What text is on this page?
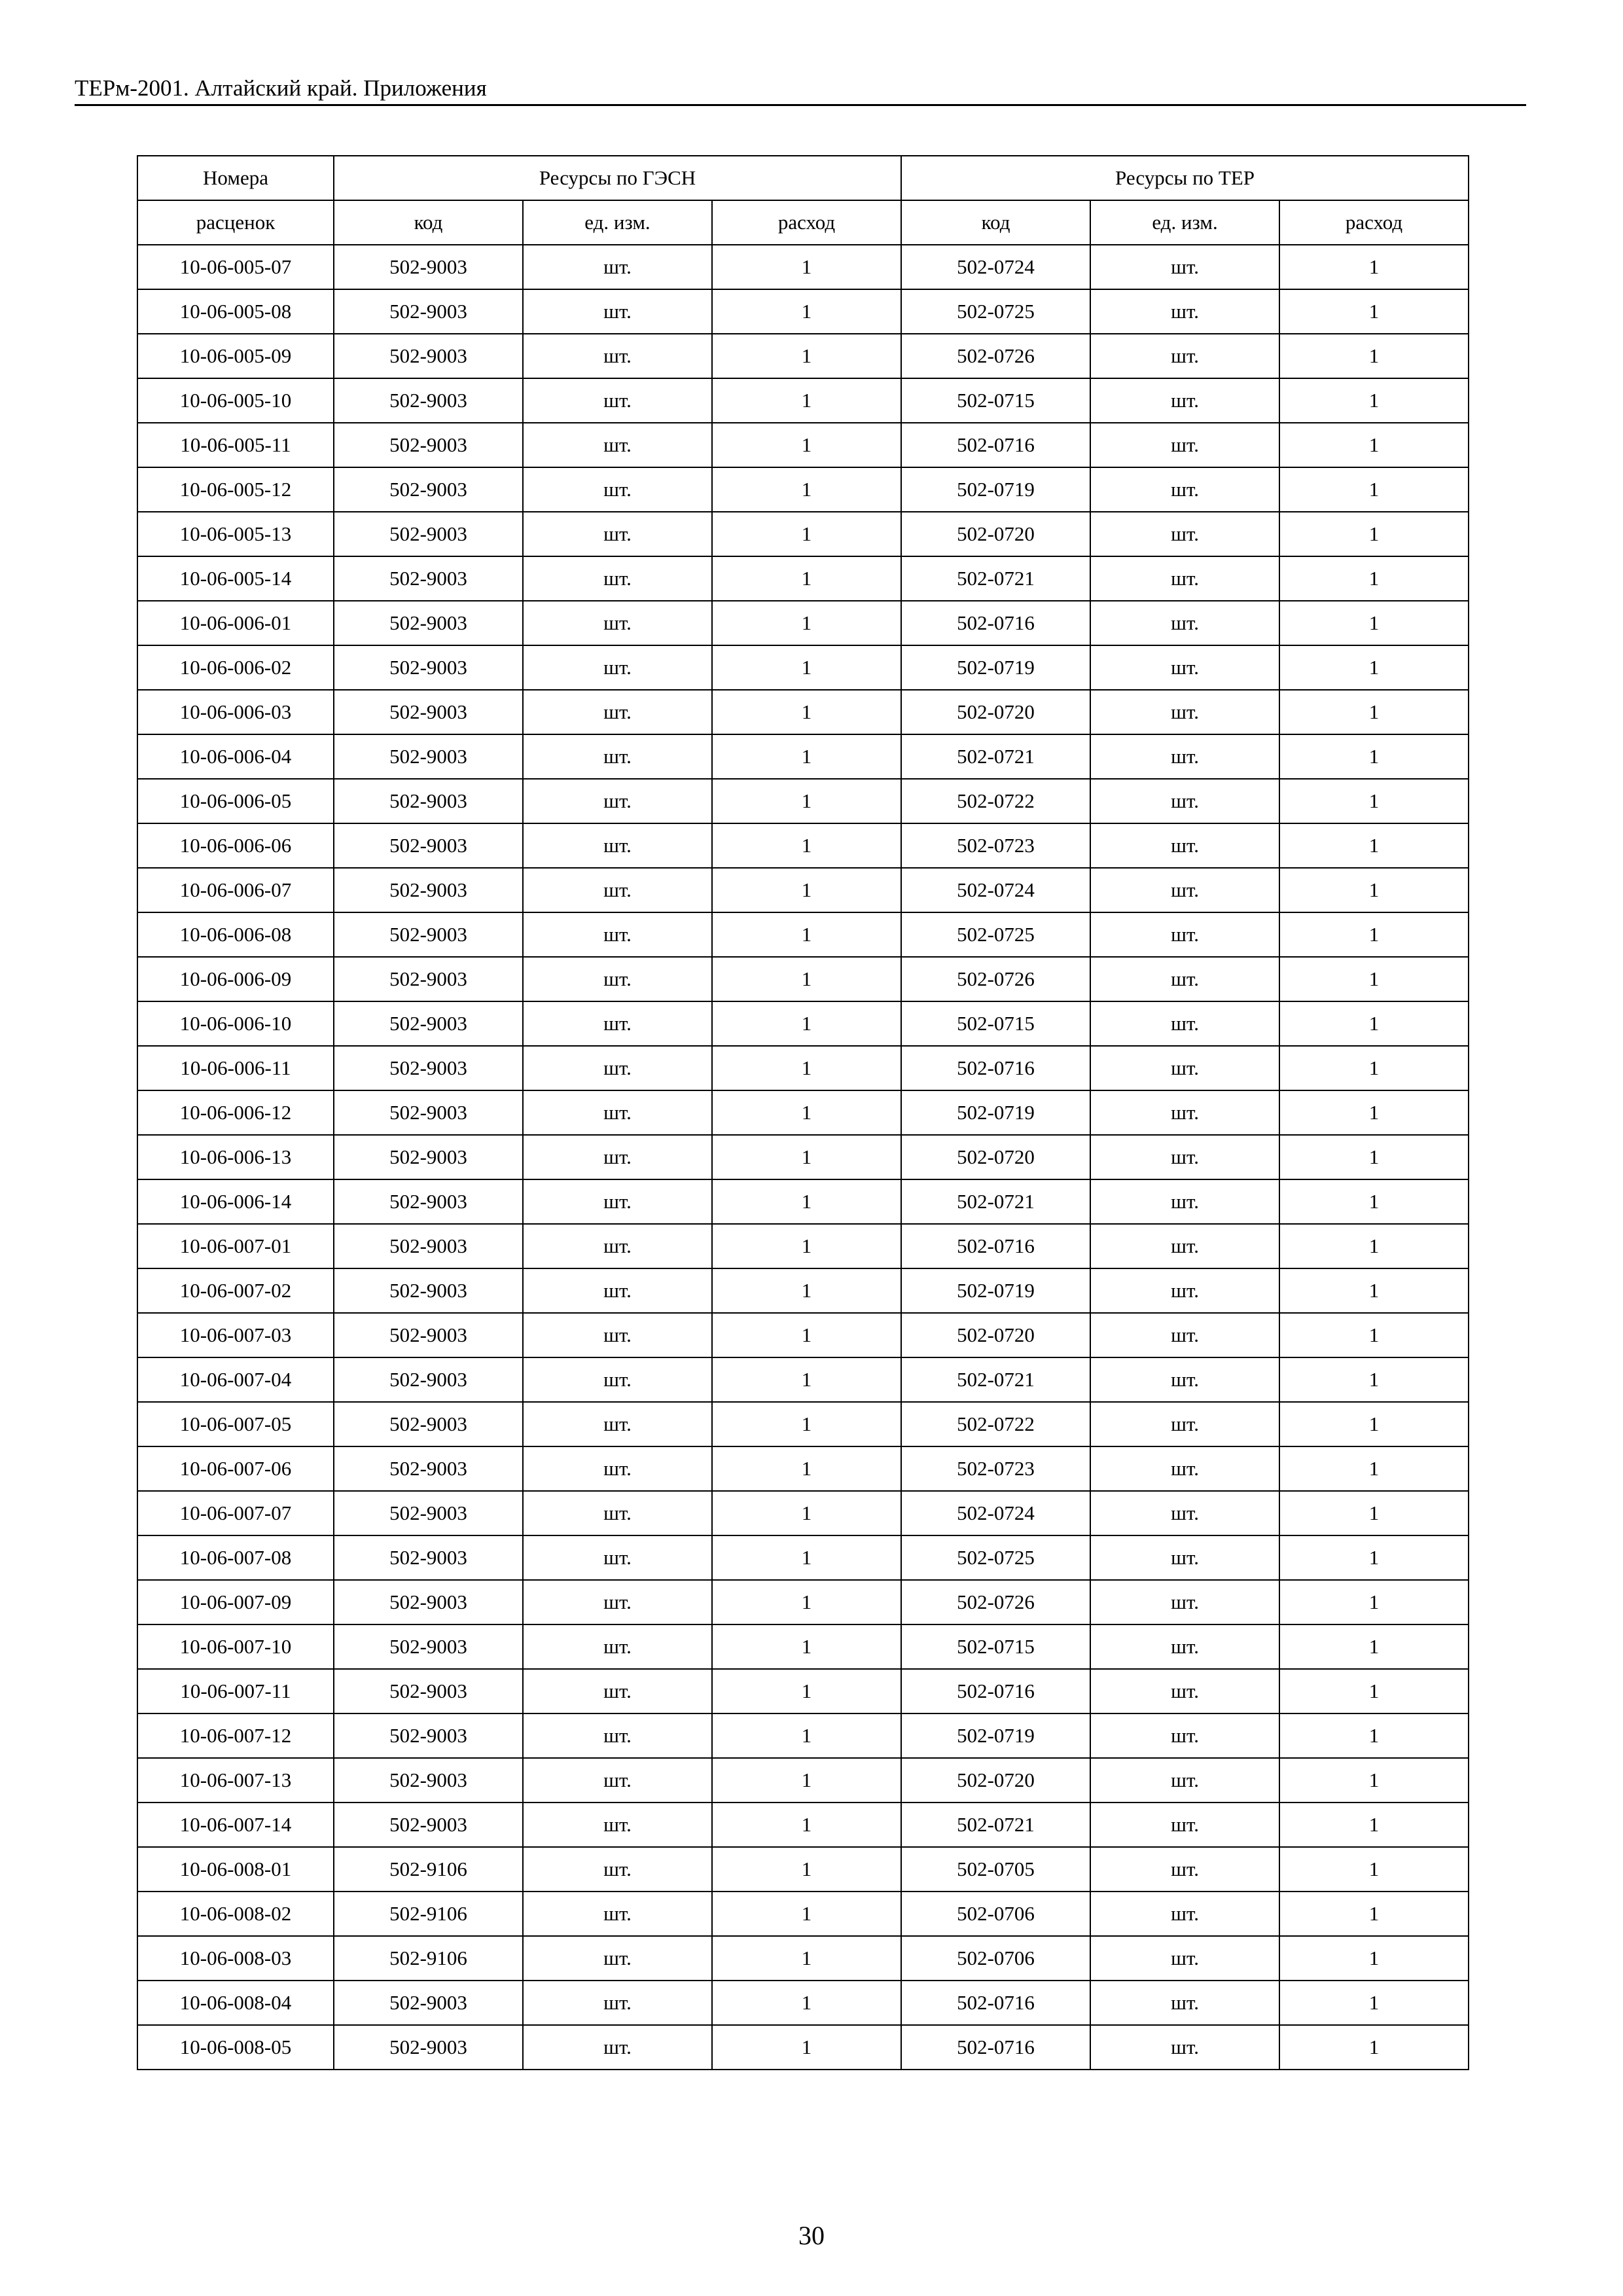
ТЕРм-2001. Алтайский край. Приложения
Номера	Ресурсы по ГЭСН			Ресурсы по ТЕР		
расценок	код	ед. изм.	расход	код	ед. изм.	расход
10-06-005-07	502-9003	шт.	1	502-0724	шт.	1
10-06-005-08	502-9003	шт.	1	502-0725	шт.	1
10-06-005-09	502-9003	шт.	1	502-0726	шт.	1
10-06-005-10	502-9003	шт.	1	502-0715	шт.	1
10-06-005-11	502-9003	шт.	1	502-0716	шт.	1
10-06-005-12	502-9003	шт.	1	502-0719	шт.	1
10-06-005-13	502-9003	шт.	1	502-0720	шт.	1
10-06-005-14	502-9003	шт.	1	502-0721	шт.	1
10-06-006-01	502-9003	шт.	1	502-0716	шт.	1
10-06-006-02	502-9003	шт.	1	502-0719	шт.	1
10-06-006-03	502-9003	шт.	1	502-0720	шт.	1
10-06-006-04	502-9003	шт.	1	502-0721	шт.	1
10-06-006-05	502-9003	шт.	1	502-0722	шт.	1
10-06-006-06	502-9003	шт.	1	502-0723	шт.	1
10-06-006-07	502-9003	шт.	1	502-0724	шт.	1
10-06-006-08	502-9003	шт.	1	502-0725	шт.	1
10-06-006-09	502-9003	шт.	1	502-0726	шт.	1
10-06-006-10	502-9003	шт.	1	502-0715	шт.	1
10-06-006-11	502-9003	шт.	1	502-0716	шт.	1
10-06-006-12	502-9003	шт.	1	502-0719	шт.	1
10-06-006-13	502-9003	шт.	1	502-0720	шт.	1
10-06-006-14	502-9003	шт.	1	502-0721	шт.	1
10-06-007-01	502-9003	шт.	1	502-0716	шт.	1
10-06-007-02	502-9003	шт.	1	502-0719	шт.	1
10-06-007-03	502-9003	шт.	1	502-0720	шт.	1
10-06-007-04	502-9003	шт.	1	502-0721	шт.	1
10-06-007-05	502-9003	шт.	1	502-0722	шт.	1
10-06-007-06	502-9003	шт.	1	502-0723	шт.	1
10-06-007-07	502-9003	шт.	1	502-0724	шт.	1
10-06-007-08	502-9003	шт.	1	502-0725	шт.	1
10-06-007-09	502-9003	шт.	1	502-0726	шт.	1
10-06-007-10	502-9003	шт.	1	502-0715	шт.	1
10-06-007-11	502-9003	шт.	1	502-0716	шт.	1
10-06-007-12	502-9003	шт.	1	502-0719	шт.	1
10-06-007-13	502-9003	шт.	1	502-0720	шт.	1
10-06-007-14	502-9003	шт.	1	502-0721	шт.	1
10-06-008-01	502-9106	шт.	1	502-0705	шт.	1
10-06-008-02	502-9106	шт.	1	502-0706	шт.	1
10-06-008-03	502-9106	шт.	1	502-0706	шт.	1
10-06-008-04	502-9003	шт.	1	502-0716	шт.	1
10-06-008-05	502-9003	шт.	1	502-0716	шт.	1
30
